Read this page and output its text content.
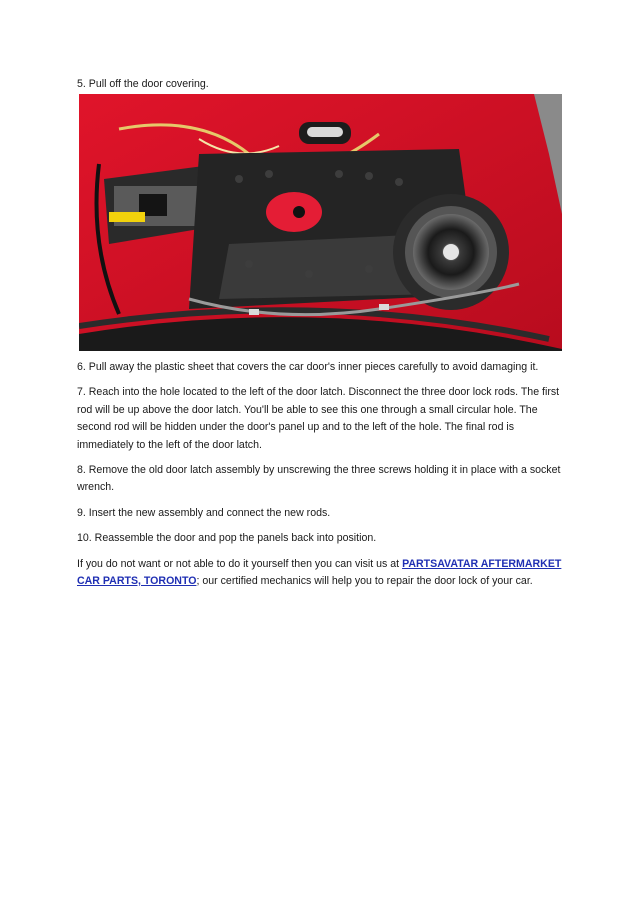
5. Pull off the door covering.

6. Pull away the plastic sheet that covers the car door's inner pieces carefully to avoid damaging it.

7. Reach into the hole located to the left of the door latch. Disconnect the three door lock rods. The first rod will be up above the door latch. You'll be able to see this one through a small circular hole. The second rod will be hidden under the door's panel up and to the left of the hole. The final rod is immediately to the left of the door latch.

8. Remove the old door latch assembly by unscrewing the three screws holding it in place with a socket wrench.

9. Insert the new assembly and connect the new rods.

10. Reassemble the door and pop the panels back into position.

If you do not want or not able to do it yourself then you can visit us at PARTSAVATAR AFTERMARKET CAR PARTS, TORONTO; our certified mechanics will help you to repair the door lock of your car.
